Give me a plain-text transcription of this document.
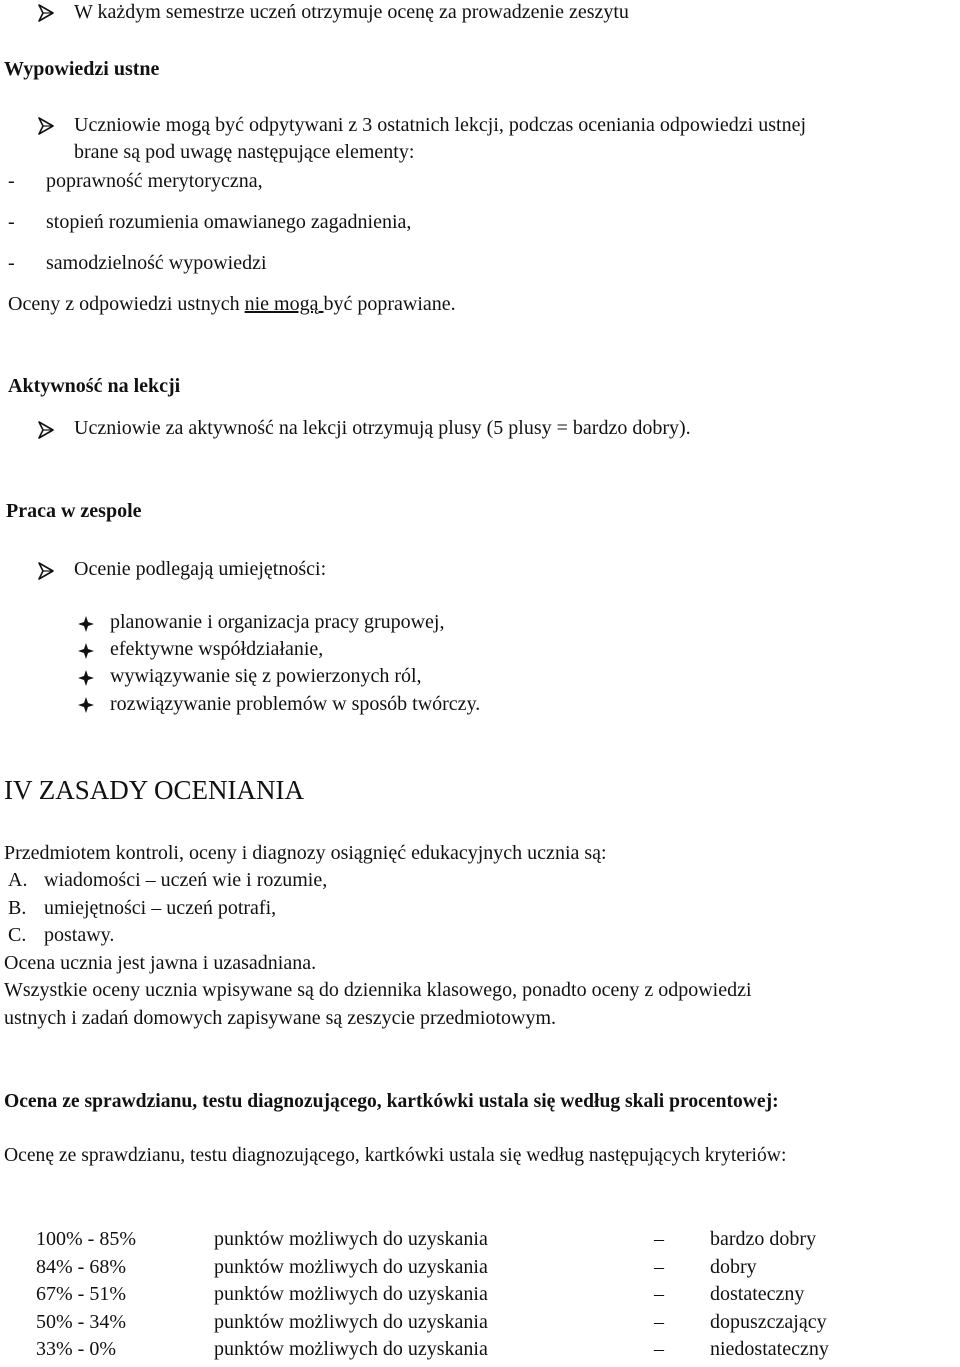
W każdym semestrze uczeń otrzymuje ocenę za prowadzenie zeszytu
Wypowiedzi ustne
Uczniowie mogą być odpytywani z 3 ostatnich lekcji, podczas oceniania odpowiedzi ustnej
brane są pod uwagę następujące elementy:
- poprawność merytoryczna,
- stopień rozumienia omawianego zagadnienia,
- samodzielność wypowiedzi
Oceny z odpowiedzi ustnych nie mogą być poprawiane.
Aktywność na lekcji
Uczniowie za aktywność na lekcji otrzymują plusy (5 plusy = bardzo dobry).
Praca w zespole
Ocenie podlegają umiejętności:
planowanie i organizacja pracy grupowej,
efektywne współdziałanie,
wywiązywanie się z powierzonych ról,
rozwiązywanie problemów w sposób twórczy.
IV ZASADY OCENIANIA
Przedmiotem kontroli, oceny i diagnozy osiągnięć edukacyjnych ucznia są:
A. wiadomości – uczeń wie i rozumie,
B. umiejętności – uczeń potrafi,
C. postawy.
Ocena ucznia jest jawna i uzasadniana.
Wszystkie oceny ucznia wpisywane są do dziennika klasowego, ponadto oceny z odpowiedzi
ustnych i zadań domowych zapisywane są zeszycie przedmiotowym.
Ocena ze sprawdzianu, testu diagnozującego, kartkówki ustala się według skali procentowej:
Ocenę ze sprawdzianu, testu diagnozującego, kartkówki ustala się według następujących kryteriów:
100% - 85%	punktów możliwych do uzyskania	–	bardzo dobry
84% - 68%	punktów możliwych do uzyskania	–	dobry
67% - 51%	punktów możliwych do uzyskania	–	dostateczny
50% - 34%	punktów możliwych do uzyskania	–	dopuszczający
33% - 0%	punktów możliwych do uzyskania	–	niedostateczny
